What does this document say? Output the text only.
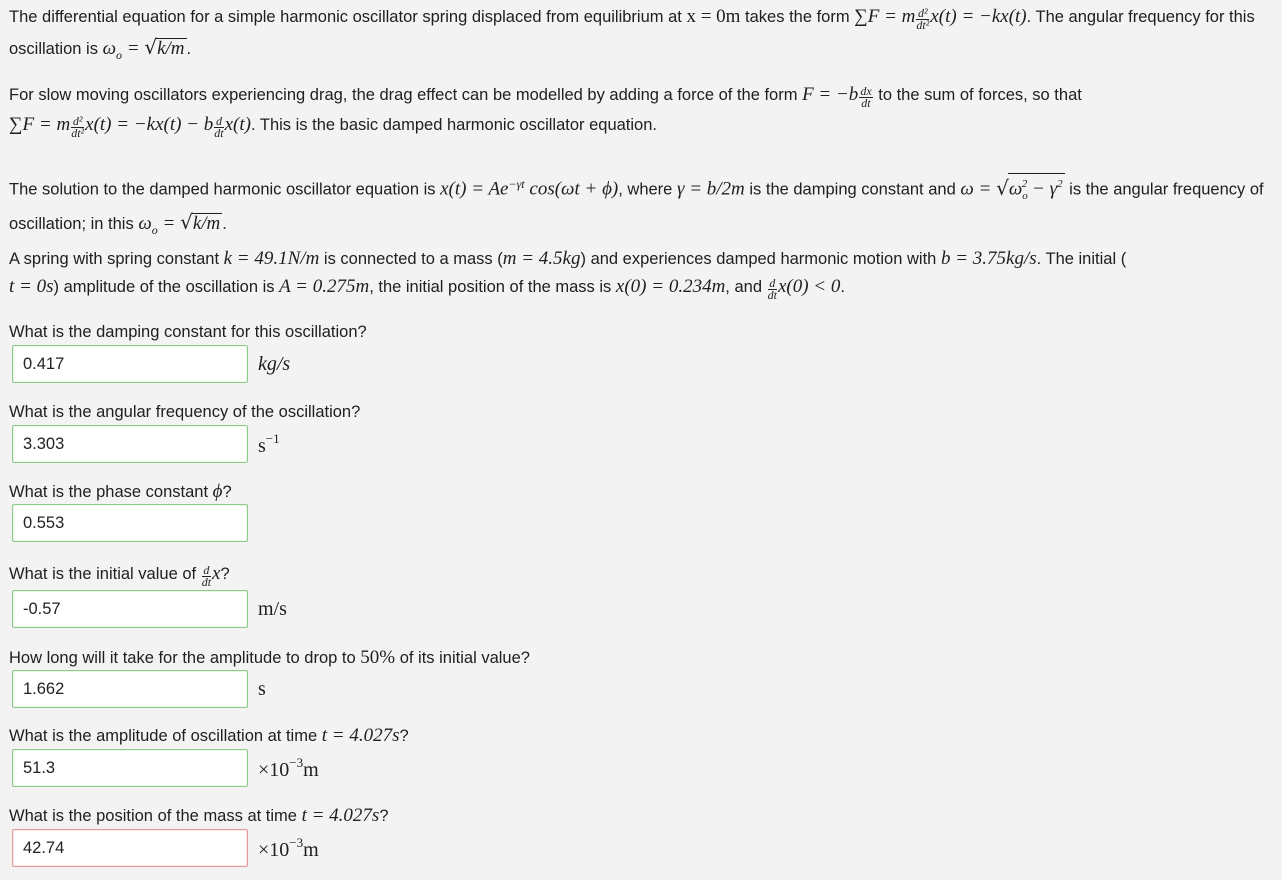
The differential equation for a simple harmonic oscillator spring displaced from equilibrium at x = 0m takes the form ∑F = m $\frac{\text{d²}}{\text{dt²}} x(t) = -kx(t)$. The angular frequency for this oscillation is $\omega_o = √k/m$ .

For slow moving oscillators experiencing drag, the drag effect can be modelled by adding a force of the form $F = -b \frac{dx}{dt}$ to the sum of forces, so that
∑F = m $\frac{\text{d²}}{\text{dt²}} x(t) = -kx(t) - b \frac{d}{dt} x(t)$. This is the basic damped harmonic oscillator equation.

The solution to the damped harmonic oscillator equation is $x(t) = Ae^{-\gamma t}$ cos(ωt + ϕ), where γ = b/2m is the damping constant and $\omega = √\omega_o^2 - \gamma^2$ is the angular frequency of oscillation; in this $\omega_o = √k/m$ .

A spring with spring constant k = 49.1N/m is connected to a mass (m = 4.5kg) and experiences damped harmonic motion with b = 3.75kg/s. The initial (
t = 0s) amplitude of the oscillation is A = 0.275m, the initial position of the mass is x(0) = 0.234m, and $\frac{d}{dt} x(0) < 0$.

What is the damping constant for this oscillation?

0.417
kg/s

What is the angular frequency of the oscillation?

3.303
$s^{-1}$

What is the phase constant ϕ?

0.553

What is the initial value of $\frac{d}{dt} x$?

-0.57
m/s

How long will it take for the amplitude to drop to 50% of its initial value?

1.662
s

What is the amplitude of oscillation at time t = 4.027s?

51.3
$\times 10^{-3}m$

What is the position of the mass at time t = 4.027s?

42.74
$\times 10^{-3}m$
